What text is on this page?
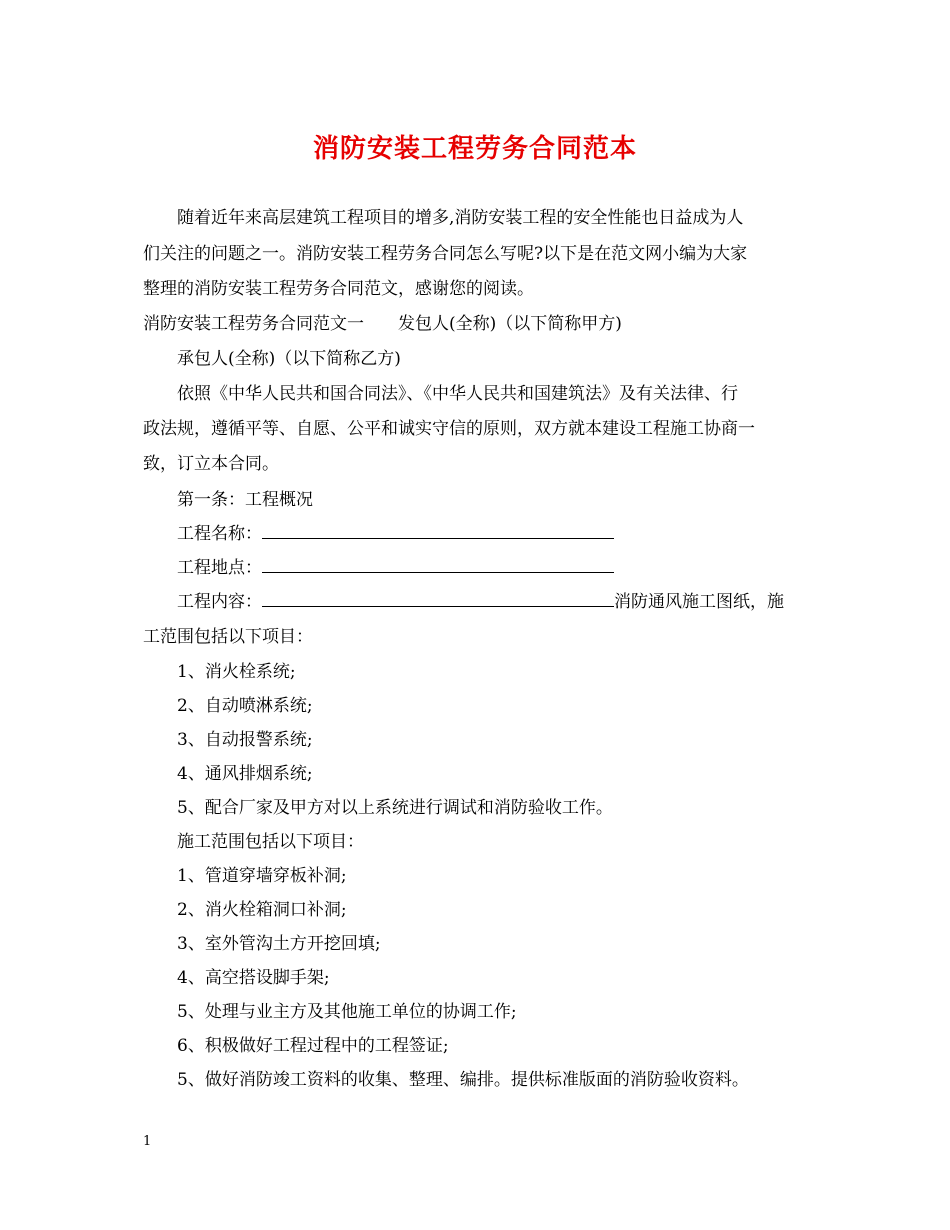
消防安装工程劳务合同范本
随着近年来高层建筑工程项目的增多,消防安装工程的安全性能也日益成为人
们关注的问题之一。消防安装工程劳务合同怎么写呢?以下是在范文网小编为大家
整理的消防安装工程劳务合同范文，感谢您的阅读。
消防安装工程劳务合同范文一 发包人(全称)（以下简称甲方)
承包人(全称)（以下简称乙方)
依照《中华人民共和国合同法》、《中华人民共和国建筑法》及有关法律、行
政法规，遵循平等、自愿、公平和诚实守信的原则，双方就本建设工程施工协商一
致，订立本合同。
第一条：工程概况
工程名称：
工程地点：
工程内容：	消防通风施工图纸，施
工范围包括以下项目：
1、消火栓系统;
2、自动喷淋系统;
3、自动报警系统;
4、通风排烟系统;
5、配合厂家及甲方对以上系统进行调试和消防验收工作。
施工范围包括以下项目：
1、管道穿墙穿板补洞;
2、消火栓箱洞口补洞;
3、室外管沟土方开挖回填;
4、高空搭设脚手架;
5、处理与业主方及其他施工单位的协调工作;
6、积极做好工程过程中的工程签证;
5、做好消防竣工资料的收集、整理、编排。提供标准版面的消防验收资料。
1
